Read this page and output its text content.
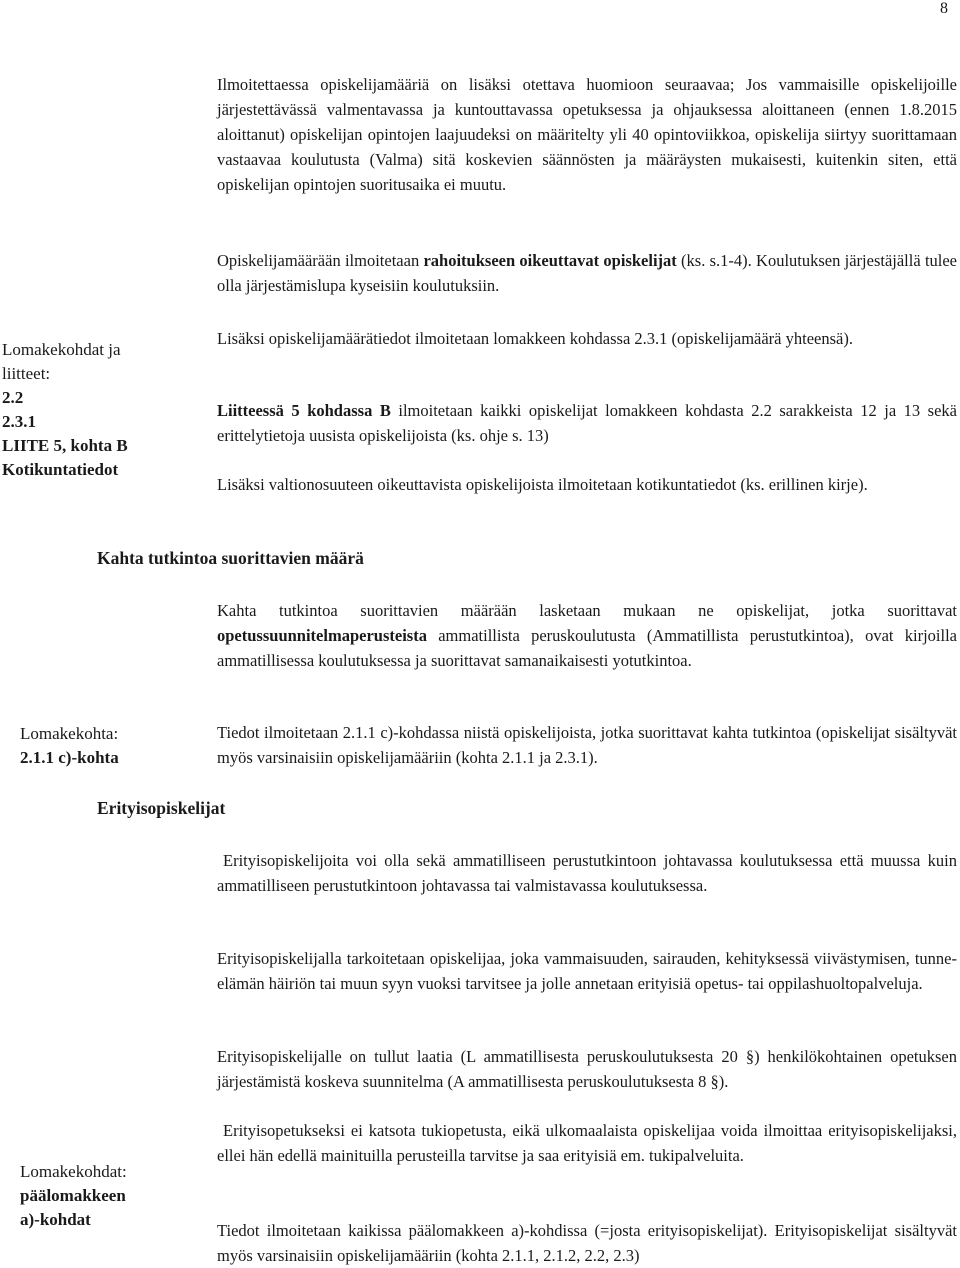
8

Ilmoitettaessa opiskelijamääriä on lisäksi otettava huomioon seuraavaa; Jos vammaisille opiskelijoille järjestettävässä valmentavassa ja kuntouttavassa opetuksessa ja ohjauksessa aloittaneen (ennen 1.8.2015 aloittanut) opiskelijan opintojen laajuudeksi on määritelty yli 40 opintoviikkoa, opiskelija siirtyy suorittamaan vastaavaa koulutusta (Valma) sitä koskevien säännösten ja määräysten mukaisesti, kuitenkin siten, että opiskelijan opintojen suoritusaika ei muutu.

Opiskelijamäärään ilmoitetaan rahoitukseen oikeuttavat opiskelijat (ks. s.1-4). Koulutuksen järjestäjällä tulee olla järjestämislupa kyseisiin koulutuksiin.

Lomakekohdat ja liitteet:
2.2
2.3.1
LIITE 5, kohta B
Kotikuntatiedot

Lisäksi opiskelijamäärätiedot ilmoitetaan lomakkeen kohdassa 2.3.1 (opiskelijamäärä yhteensä).

Liitteessä 5 kohdassa B ilmoitetaan kaikki opiskelijat lomakkeen kohdasta 2.2 sarakkeista 12 ja 13 sekä erittelytietoja uusista opiskelijoista (ks. ohje s. 13)

Lisäksi valtionosuuteen oikeuttavista opiskelijoista ilmoitetaan kotikuntatiedot (ks. erillinen kirje).

Kahta tutkintoa suorittavien määrä

Kahta tutkintoa suorittavien määrään lasketaan mukaan ne opiskelijat, jotka suorittavat opetussuunnitelmaperusteista ammatillista peruskoulutusta (Ammatillista perustutkintoa), ovat kirjoilla ammatillisessa koulutuksessa ja suorittavat samanaikaisesti yotutkintoa.

Lomakekohta:
2.1.1 c)-kohta

Tiedot ilmoitetaan 2.1.1 c)-kohdassa niistä opiskelijoista, jotka suorittavat kahta tutkintoa (opiskelijat sisältyvät myös varsinaisiin opiskelijamääriin (kohta 2.1.1 ja 2.3.1).

Erityisopiskelijat

Erityisopiskelijoita voi olla sekä ammatilliseen perustutkintoon johtavassa koulutuksessa että muussa kuin ammatilliseen perustutkintoon johtavassa tai valmistavassa koulutuksessa.

Erityisopiskelijalla tarkoitetaan opiskelijaa, joka vammaisuuden, sairauden, kehityksessä viivästymisen, tunne-elämän häiriön tai muun syyn vuoksi tarvitsee ja jolle annetaan erityisiä opetus- tai oppilashuoltopalveluja.

Erityisopiskelijalle on tullut laatia (L ammatillisesta peruskoulutuksesta 20 §) henkilökohtainen opetuksen järjestämistä koskeva suunnitelma (A ammatillisesta peruskoulutuksesta 8 §).

Erityisopetukseksi ei katsota tukiopetusta, eikä ulkomaalaista opiskelijaa voida ilmoittaa erityisopiskelijaksi, ellei hän edellä mainituilla perusteilla tarvitse ja saa erityisiä em. tukipalveluita.

Lomakekohdat:
päälomakkeen
a)-kohdat

Tiedot ilmoitetaan kaikissa päälomakkeen a)-kohdissa (=josta erityisopiskelijat). Erityisopiskelijat sisältyvät myös varsinaisiin opiskelijamääriin (kohta 2.1.1, 2.1.2, 2.2, 2.3)
